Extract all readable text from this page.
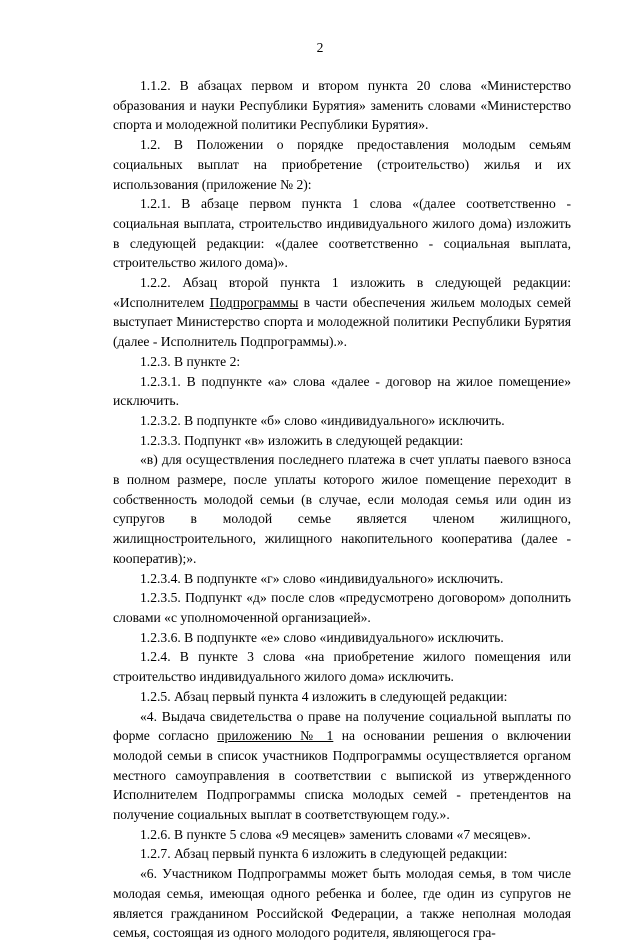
2

1.1.2. В абзацах первом и втором пункта 20 слова «Министерство образования и науки Республики Бурятия» заменить словами «Министерство спорта и молодежной политики Республики Бурятия».

1.2. В Положении о порядке предоставления молодым семьям социальных выплат на приобретение (строительство) жилья и их использования (приложение № 2):

1.2.1. В абзаце первом пункта 1 слова «(далее соответственно - социальная выплата, строительство индивидуального жилого дома) изложить в следующей редакции: «(далее соответственно - социальная выплата, строительство жилого дома)».

1.2.2. Абзац второй пункта 1 изложить в следующей редакции: «Исполнителем Подпрограммы в части обеспечения жильем молодых семей выступает Министерство спорта и молодежной политики Республики Бурятия (далее - Исполнитель Подпрограммы).».

1.2.3. В пункте 2:

1.2.3.1. В подпункте «а» слова «далее - договор на жилое помещение» исключить.

1.2.3.2. В подпункте «б» слово «индивидуального» исключить.

1.2.3.3. Подпункт «в» изложить в следующей редакции:

«в) для осуществления последнего платежа в счет уплаты паевого взноса в полном размере, после уплаты которого жилое помещение переходит в собственность молодой семьи (в случае, если молодая семья или один из супругов в молодой семье является членом жилищного, жилищностроительного, жилищного накопительного кооператива (далее - кооператив);».

1.2.3.4. В подпункте «г» слово «индивидуального» исключить.

1.2.3.5. Подпункт «д» после слов «предусмотрено договором» дополнить словами «с уполномоченной организацией».

1.2.3.6. В подпункте «е» слово «индивидуального» исключить.

1.2.4. В пункте 3 слова «на приобретение жилого помещения или строительство индивидуального жилого дома» исключить.

1.2.5. Абзац первый пункта 4 изложить в следующей редакции:

«4. Выдача свидетельства о праве на получение социальной выплаты по форме согласно приложению № 1 на основании решения о включении молодой семьи в список участников Подпрограммы осуществляется органом местного самоуправления в соответствии с выпиской из утвержденного Исполнителем Подпрограммы списка молодых семей - претендентов на получение социальных выплат в соответствующем году.».

1.2.6. В пункте 5 слова «9 месяцев» заменить словами «7 месяцев».

1.2.7. Абзац первый пункта 6 изложить в следующей редакции:

«6. Участником Подпрограммы может быть молодая семья, в том числе молодая семья, имеющая одного ребенка и более, где один из супругов не является гражданином Российской Федерации, а также неполная молодая семья, состоящая из одного молодого родителя, являющегося гра-
